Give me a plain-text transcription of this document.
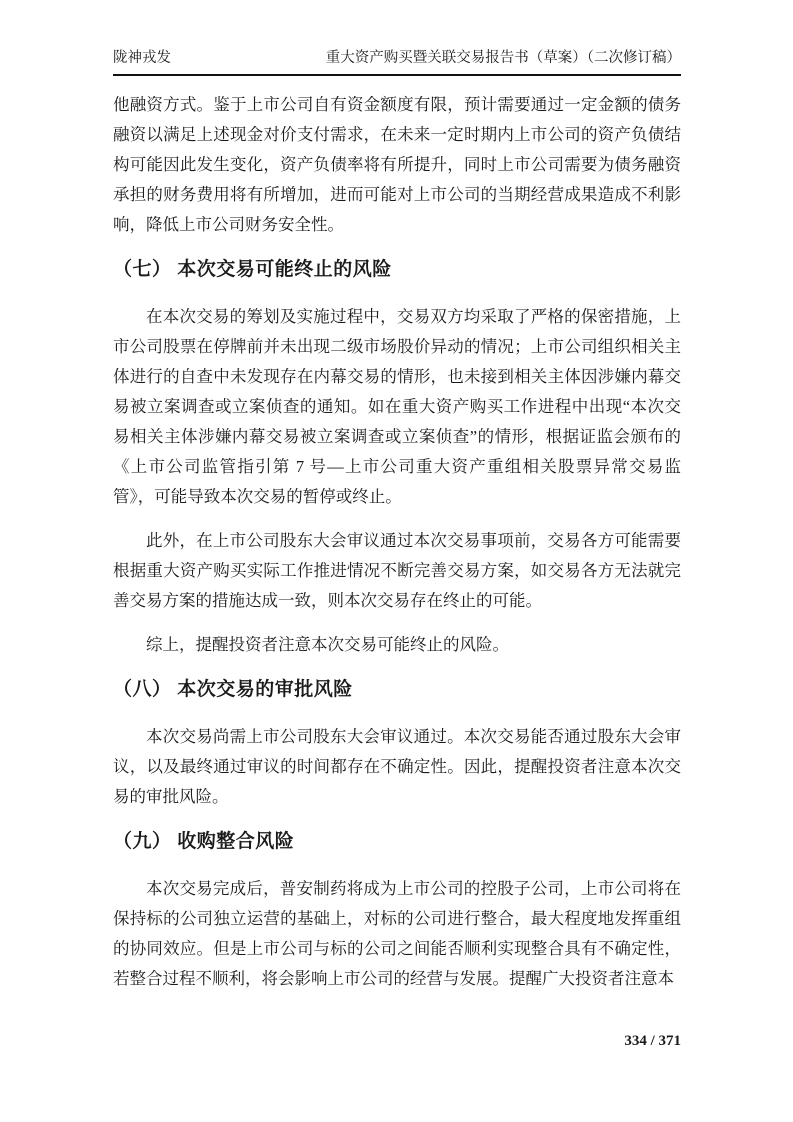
陇神戎发	重大资产购买暨关联交易报告书（草案）（二次修订稿）

他融资方式。鉴于上市公司自有资金额度有限，预计需要通过一定金额的债务融资以满足上述现金对价支付需求，在未来一定时期内上市公司的资产负债结构可能因此发生变化，资产负债率将有所提升，同时上市公司需要为债务融资承担的财务费用将有所增加，进而可能对上市公司的当期经营成果造成不利影响，降低上市公司财务安全性。

（七） 本次交易可能终止的风险

在本次交易的筹划及实施过程中，交易双方均采取了严格的保密措施，上市公司股票在停牌前并未出现二级市场股价异动的情况；上市公司组织相关主体进行的自查中未发现存在内幕交易的情形，也未接到相关主体因涉嫌内幕交易被立案调查或立案侦查的通知。如在重大资产购买工作进程中出现“本次交易相关主体涉嫌内幕交易被立案调查或立案侦查”的情形，根据证监会颁布的《上市公司监管指引第 7 号—上市公司重大资产重组相关股票异常交易监管》，可能导致本次交易的暂停或终止。

此外，在上市公司股东大会审议通过本次交易事项前，交易各方可能需要根据重大资产购买实际工作推进情况不断完善交易方案，如交易各方无法就完善交易方案的措施达成一致，则本次交易存在终止的可能。

综上，提醒投资者注意本次交易可能终止的风险。

（八） 本次交易的审批风险

本次交易尚需上市公司股东大会审议通过。本次交易能否通过股东大会审议，以及最终通过审议的时间都存在不确定性。因此，提醒投资者注意本次交易的审批风险。

（九） 收购整合风险

本次交易完成后，普安制药将成为上市公司的控股子公司，上市公司将在保持标的公司独立运营的基础上，对标的公司进行整合，最大程度地发挥重组的协同效应。但是上市公司与标的公司之间能否顺利实现整合具有不确定性，若整合过程不顺利，将会影响上市公司的经营与发展。提醒广大投资者注意本

334 / 371
